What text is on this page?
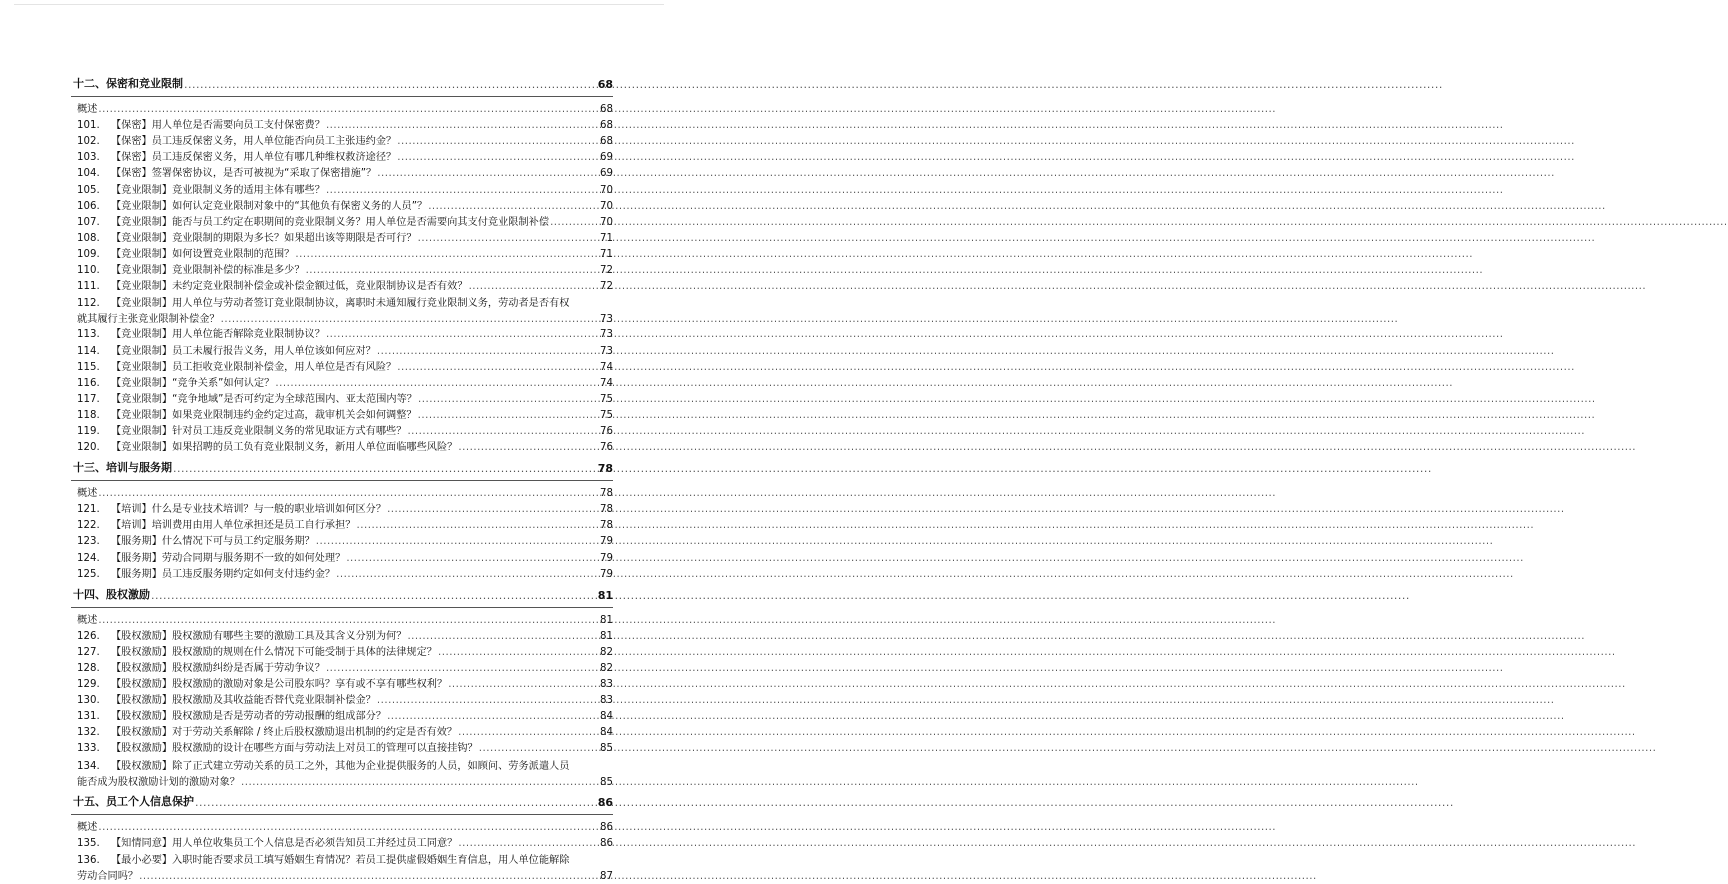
十二、保密和竞业限制 .....	68
概述 .....	68
101.	【保密】用人单位是否需要向员工支付保密费？ .....	68
102.	【保密】员工违反保密义务，用人单位能否向员工主张违约金？ .....	68
103.	【保密】员工违反保密义务，用人单位有哪几种维权救济途径？ .....	69
104.	【保密】签署保密协议，是否可被视为“采取了保密措施”？ .....	69
105.	【竞业限制】竞业限制义务的适用主体有哪些？ .....	70
106.	【竞业限制】如何认定竞业限制对象中的“其他负有保密义务的人员”？ .....	70
107.	【竞业限制】能否与员工约定在职期间的竞业限制义务？用人单位是否需要向其支付竞业限制补偿 .....	70
108.	【竞业限制】竞业限制的期限为多长？如果超出该等期限是否可行？ .....	71
109.	【竞业限制】如何设置竞业限制的范围？ .....	71
110.	【竞业限制】竞业限制补偿的标准是多少？ .....	72
111.	【竞业限制】未约定竞业限制补偿金或补偿金额过低，竞业限制协议是否有效？ .....	72
112.	【竞业限制】用人单位与劳动者签订竞业限制协议，离职时未通知履行竞业限制义务，劳动者是否有权
就其履行主张竞业限制补偿金？ .....	73
113.	【竞业限制】用人单位能否解除竞业限制协议？ .....	73
114.	【竞业限制】员工未履行报告义务，用人单位该如何应对？ .....	73
115.	【竞业限制】员工拒收竞业限制补偿金，用人单位是否有风险？ .....	74
116.	【竞业限制】“竞争关系”如何认定？ .....	74
117.	【竞业限制】“竞争地域”是否可约定为全球范围内、亚太范围内等？ .....	75
118.	【竞业限制】如果竞业限制违约金约定过高，裁审机关会如何调整？ .....	75
119.	【竞业限制】针对员工违反竞业限制义务的常见取证方式有哪些？ .....	76
120.	【竞业限制】如果招聘的员工负有竞业限制义务，新用人单位面临哪些风险？ .....	76
十三、培训与服务期 .....	78
概述 .....	78
121.	【培训】什么是专业技术培训？与一般的职业培训如何区分？ .....	78
122.	【培训】培训费用由用人单位承担还是员工自行承担？ .....	78
123.	【服务期】什么情况下可与员工约定服务期？ .....	79
124.	【服务期】劳动合同期与服务期不一致的如何处理？ .....	79
125.	【服务期】员工违反服务期约定如何支付违约金？ .....	79
十四、股权激励 .....	81
概述 .....	81
126.	【股权激励】股权激励有哪些主要的激励工具及其含义分别为何？ .....	81
127.	【股权激励】股权激励的规则在什么情况下可能受制于具体的法律规定？ .....	82
128.	【股权激励】股权激励纠纷是否属于劳动争议？ .....	82
129.	【股权激励】股权激励的激励对象是公司股东吗？享有或不享有哪些权利？ .....	83
130.	【股权激励】股权激励及其收益能否替代竞业限制补偿金？ .....	83
131.	【股权激励】股权激励是否是劳动者的劳动报酬的组成部分？ .....	84
132.	【股权激励】对于劳动关系解除 / 终止后股权激励退出机制的约定是否有效？ .....	84
133.	【股权激励】股权激励的设计在哪些方面与劳动法上对员工的管理可以直接挂钩？ .....	85
134.	【股权激励】除了正式建立劳动关系的员工之外，其他为企业提供服务的人员，如顾问、劳务派遣人员
能否成为股权激励计划的激励对象？ .....	85
十五、员工个人信息保护 .....	86
概述 .....	86
135.	【知情同意】用人单位收集员工个人信息是否必须告知员工并经过员工同意？ .....	86
136.	【最小必要】入职时能否要求员工填写婚姻生育情况？若员工提供虚假婚姻生育信息，用人单位能解除
劳动合同吗？ .....	87
